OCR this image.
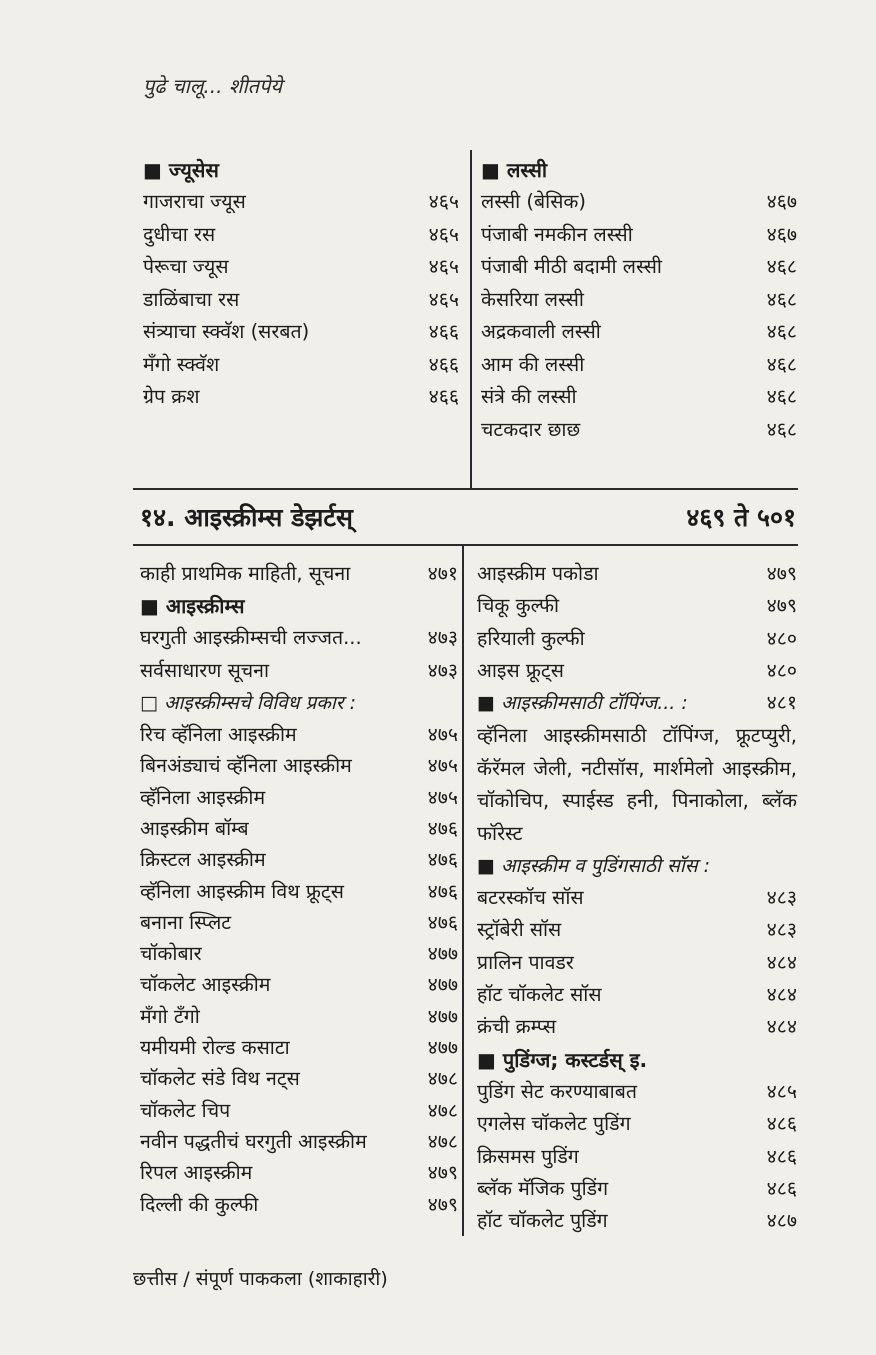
पुढे चालू... शीतपेये
■ ज्यूसेस
गाजराचा ज्यूस	४६५
दुधीचा रस	४६५
पेरूचा ज्यूस	४६५
डाळिंबाचा रस	४६५
संत्र्याचा स्क्वॅश (सरबत)	४६६
मँगो स्क्वॅश	४६६
ग्रेप क्रश	४६६
■ लस्सी
लस्सी (बेसिक)	४६७
पंजाबी नमकीन लस्सी	४६७
पंजाबी मीठी बदामी लस्सी	४६८
केसरिया लस्सी	४६८
अद्रकवाली लस्सी	४६८
आम की लस्सी	४६८
संत्रे की लस्सी	४६८
चटकदार छाछ	४६८
१४. आइस्क्रीम्स डेझर्टस्	४६९ ते ५०१
काही प्राथमिक माहिती, सूचना	४७१
■ आइस्क्रीम्स
घरगुती आइस्क्रीम्सची लज्जत...	४७३
सर्वसाधारण सूचना	४७३
□ आइस्क्रीम्सचे विविध प्रकार :
रिच व्हॅनिला आइस्क्रीम	४७५
बिनअंड्याचं व्हॅनिला आइस्क्रीम	४७५
व्हॅनिला आइस्क्रीम	४७५
आइस्क्रीम बॉम्ब	४७६
क्रिस्टल आइस्क्रीम	४७६
व्हॅनिला आइस्क्रीम विथ फ्रूट्स	४७६
बनाना स्प्लिट	४७६
चॉकोबार	४७७
चॉकलेट आइस्क्रीम	४७७
मँगो टँगो	४७७
यमीयमी रोल्ड कसाटा	४७७
चॉकलेट संडे विथ नट्स	४७८
चॉकलेट चिप	४७८
नवीन पद्धतीचं घरगुती आइस्क्रीम	४७८
रिपल आइस्क्रीम	४७९
दिल्ली की कुल्फी	४७९
आइस्क्रीम पकोडा	४७९
चिकू कुल्फी	४७९
हरियाली कुल्फी	४८०
आइस फ्रूट्स	४८०
■ आइस्क्रीमसाठी टॉपिंग्ज... :	४८१
व्हॅनिला आइस्क्रीमसाठी टॉपिंग्ज, फ्रूटप्युरी, कॅरॅमल जेली, नटीसॉस, मार्शमेलो आइस्क्रीम, चॉकोचिप, स्पाईस्ड हनी, पिनाकोला, ब्लॅक फॉरेस्ट
■ आइस्क्रीम व पुडिंगसाठी सॉस :
बटरस्कॉच सॉस	४८३
स्ट्रॉबेरी सॉस	४८३
प्रालिन पावडर	४८४
हॉट चॉकलेट सॉस	४८४
क्रंची क्रम्प्स	४८४
■ पुडिंग्ज; कस्टर्डस् इ.
पुडिंग सेट करण्याबाबत	४८५
एगलेस चॉकलेट पुडिंग	४८६
क्रिसमस पुडिंग	४८६
ब्लॅक मॅजिक पुडिंग	४८६
हॉट चॉकलेट पुडिंग	४८७
छत्तीस / संपूर्ण पाककला (शाकाहारी)
